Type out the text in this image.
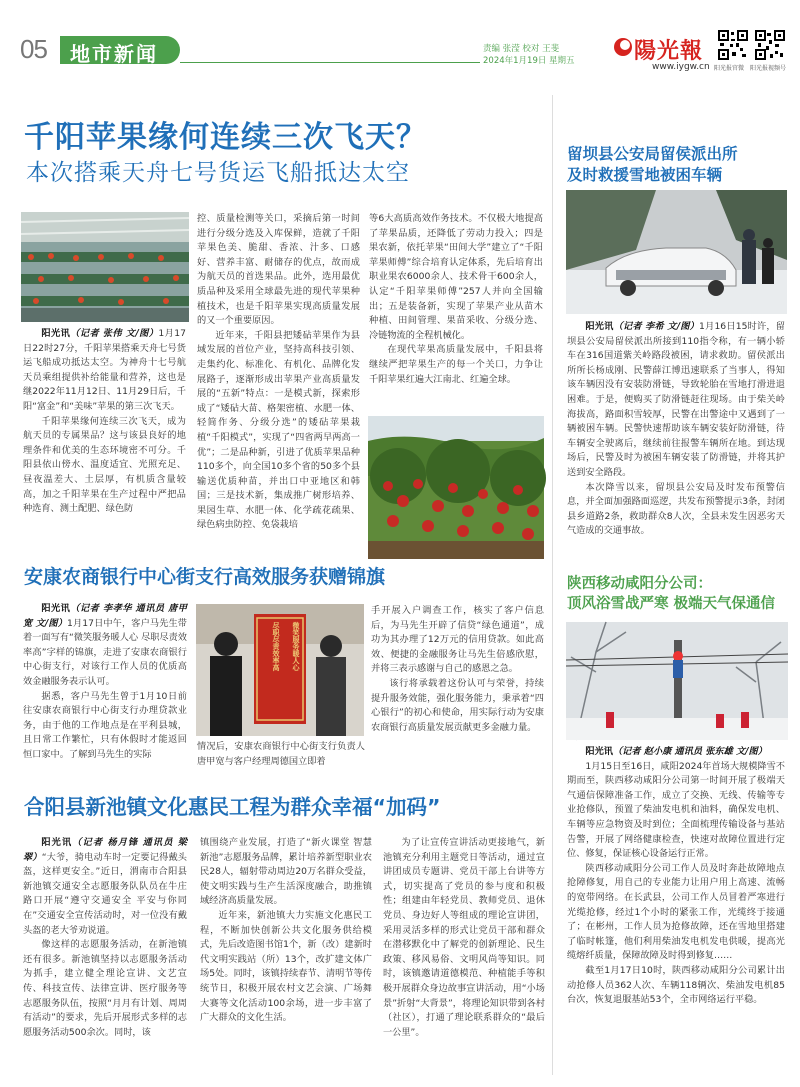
05 地市新闻	责编 张滢 校对 王斐
2024年1月19日 星期五	陽光報
www.iygw.cn 阳光报官微 阳光报视频号
千阳苹果缘何连续三次飞天？
本次搭乘天舟七号货运飞船抵达太空

阳光讯（记者 张伟 文/图）1月17日22时27分，千阳苹果搭乘天舟七号货运飞船成功抵达太空。为神舟十七号航天员乘组提供补给能量和营养，这也是继2022年11月12日、11月29日后，千阳“富金”和“美味”苹果的第三次飞天。

千阳苹果缘何连续三次飞天，成为航天员的专属果品？这与该县良好的地理条件和优美的生态环境密不可分。千阳县依山傍水、温度适宜、光照充足、昼夜温差大、土层厚，有机质含量较高，加之千阳苹果在生产过程中严把品种选育、测土配肥、绿色防

控、质量检测等关口，采摘后第一时间进行分级分选及入库保鲜，造就了千阳苹果色美、脆甜、香浓、汁多、口感好、营养丰富、耐储存的优点，故而成为航天员的首选果品。此外，选用最优质品种及采用全球最先进的现代苹果种植技术，也是千阳苹果实现高质量发展的又一个重要原因。

近年来，千阳县把矮砧苹果作为县域发展的首位产业，坚持高科技引领、走集约化、标准化、有机化、品牌化发展路子，逐渐形成出苹果产业高质量发展的“五新”特点：一是模式新，探索形成了“矮砧大苗、格架密植、水肥一体、轻简作务、分级分选”的矮砧苹果栽植“千阳模式”，实现了“四省两早两高一优”；二是品种新，引进了优质苹果品种110多个，向全国10多个省的50多个县输送优质种苗，并出口中亚地区和韩国；三是技术新，集成推广树形培养、果园生草、水肥一体、化学疏花疏果、绿色病虫防控、免袋栽培

等6大高质高效作务技术。不仅极大地提高了苹果品质，还降低了劳动力投入；四是果农新，依托苹果“田间大学”建立了“千阳苹果师傅”综合培育认定体系，先后培育出职业果农6000余人、技术骨干600余人，认定“千阳苹果师傅”257人并向全国输出；五是装备新，实现了苹果产业从苗木种植、田间管理、果苗采收、分级分选、冷链物流的全程机械化。

在现代苹果高质量发展中，千阳县将继续严把苹果生产的每一个关口，力争让千阳苹果红遍大江南北、红遍全球。

留坝县公安局留侯派出所
及时救援雪地被困车辆

阳光讯（记者 李希 文/图）1月16日15时许，留坝县公安局留侯派出所接到110指令称，有一辆小轿车在316国道紫关岭路段被困，请求救助。留侯派出所所长杨成刚、民警薛江博迅速联系了当事人，得知该车辆因没有安装防滑链，导致轮胎在雪地打滑进退困难。于是，便购买了防滑链赶往现场。由于柴关岭海拔高，路面积雪较厚，民警在出警途中又遇到了一辆被困车辆。民警快速帮助该车辆安装好防滑链，待车辆安全驶离后，继续前往报警车辆所在地。到达现场后，民警及时为被困车辆安装了防滑链，并将其护送到安全路段。

本次降雪以来，留坝县公安局及时发布预警信息，并全面加强路面巡逻，共发布预警提示3条，封闭县乡道路2条，救助群众8人次，全县未发生因恶劣天气造成的交通事故。

安康农商银行中心街支行高效服务获赠锦旗

阳光讯（记者 李孝华 通讯员 唐甲宽 文/图）1月17日中午，客户马先生带着一面写有“微笑服务暖人心 尽职尽责效率高”字样的锦旗，走进了安康农商银行中心街支行，对该行工作人员的优质高效金融服务表示认可。

据悉，客户马先生曾于1月10日前往安康农商银行中心街支行办理贷款业务，由于他的工作地点是在平利县城，且日常工作繁忙，只有休假时才能返回恒口家中。了解到马先生的实际

微笑服务暖人心
尽职尽责效率高
情况后，安康农商银行中心街支行负责人唐甲宽与客户经理周德国立即着

手开展入户调查工作，核实了客户信息后，为马先生开辟了信贷“绿色通道”，成功为其办理了12万元的信用贷款。如此高效、便捷的金融服务让马先生倍感欣慰，并将三表示感谢与自己的感恩之急。

该行将承载着这份认可与荣誉，持续提升服务效能，强化服务能力，秉承着“四心银行”的初心和使命，用实际行动为安康农商银行高质量发展贡献更多金融力量。

合阳县新池镇文化惠民工程为群众幸福“加码”

阳光讯（记者 杨月锋 通讯员 梁翠）“大爷，骑电动车时一定要记得戴头盔，这样更安全。”近日，渭南市合阳县新池镇交通安全志愿服务队队员在牛庄路口开展“遵守交通安全 平安与你同在”交通安全宣传活动时，对一位没有戴头盔的老大爷劝说道。

像这样的志愿服务活动，在新池镇还有很多。新池镇坚持以志愿服务活动为抓手，建立健全理论宣讲、文艺宣传、科技宣传、法律宣讲、医疗服务等志愿服务队伍，按照“月月有计划、周周有活动”的要求，先后开展形式多样的志愿服务活动500余次。同时，该

镇围绕产业发展，打造了“新火课堂 智慧新池”志愿服务品牌，累计培养新型职业农民28人，辐射带动周边20万名群众受益，使文明实践与生产生活深度融合，助推镇域经济高质量发展。

近年来，新池镇大力实施文化惠民工程，不断加快创新公共文化服务供给模式，先后改造图书馆1个，新（改）建新时代文明实践站（所）13个，改扩建文体广场5处。同时，该镇持续春节、清明节等传统节日，积极开展农村文艺会演、广场舞大赛等文化活动100余场，进一步丰富了广大群众的文化生活。

为了让宣传宣讲活动更接地气，新池镇充分利用主题党日等活动，通过宣讲团成员专题讲、党员干部上台讲等方式，切实提高了党员的参与度和积极性；组建由年轻党员、教师党员、退休党员、身边好人等组成的理论宣讲团，采用灵活多样的形式让党员干部和群众在潜移默化中了解党的创新理论、民生政策、移风易俗、文明风尚等知识。同时，该镇邀请道德模范、种植能手等积极开展群众身边故事宣讲活动，用“小场景”折射“大背景”，将理论知识带到各村（社区），打通了理论联系群众的“最后一公里”。

陕西移动咸阳分公司：
顶风浴雪战严寒 极端天气保通信

阳光讯（记者 赵小康 通讯员 张东雄 文/图）

1月15日至16日，咸阳2024年首场大规模降雪不期而至，陕西移动咸阳分公司第一时间开展了极端天气通信保障准备工作，成立了交换、无线、传输等专业抢修队，预置了柴油发电机和油料，确保发电机、车辆等应急物资及时到位；全面梳理传输设备与基站告警，开展了网络健康检查，快速对故障位置进行定位、修复，保证核心设备运行正常。

陕西移动咸阳分公司工作人员及时奔赴故障地点抢障修复，用自己的专业能力让用户用上高速、流畅的宽带网络。在长武县，公司工作人员冒着严寒进行光缆抢修，经过1个小时的紧张工作，光缆终于接通了；在彬州，工作人员为抢修故障，还在雪地里搭建了临时帐篷，他们利用柴油发电机发电供暖，提高光缆熔纤质量，保障故障及时得到修复……

截至1月17日10时，陕西移动咸阳分公司累计出动抢修人员362人次、车辆118辆次、柴油发电机85台次，恢复退服基站53个，全市网络运行平稳。
